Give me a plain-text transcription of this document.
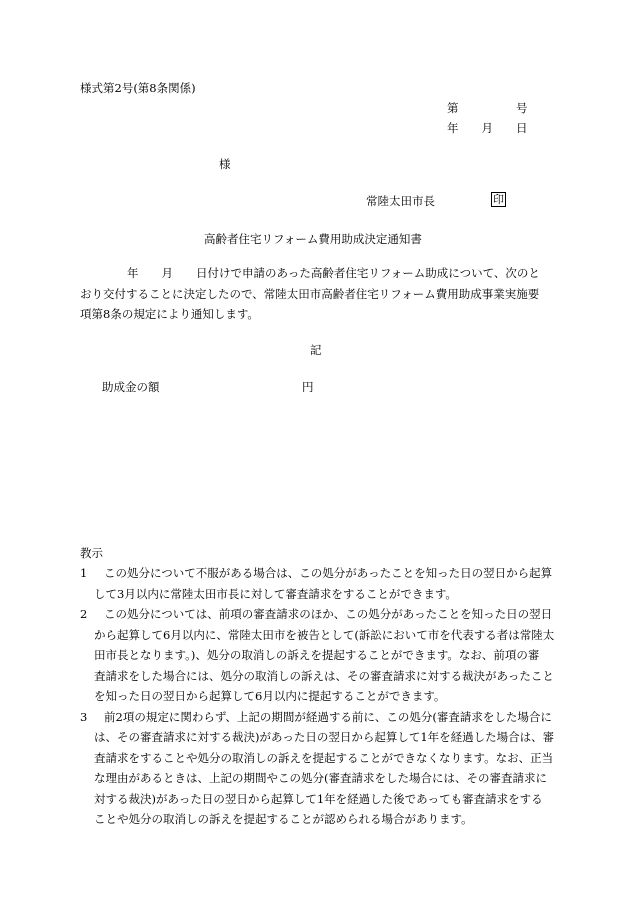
様式第2号(第8条関係)
第　　　　　号
年　　月　　日
様
常陸太田市長	印
高齢者住宅リフォーム費用助成決定通知書
年　　月　　日付けで申請のあった高齢者住宅リフォーム助成について、次のと
おり交付することに決定したので、常陸太田市高齢者住宅リフォーム費用助成事業実施要
項第8条の規定により通知します。
記
助成金の額	円
教示
1	この処分について不服がある場合は、この処分があったことを知った日の翌日から起算
して3月以内に常陸太田市長に対して審査請求をすることができます。
2	この処分については、前項の審査請求のほか、この処分があったことを知った日の翌日
から起算して6月以内に、常陸太田市を被告として(訴訟において市を代表する者は常陸太
田市長となります。)、処分の取消しの訴えを提起することができます。なお、前項の審
査請求をした場合には、処分の取消しの訴えは、その審査請求に対する裁決があったこと
を知った日の翌日から起算して6月以内に提起することができます。
3	前2項の規定に関わらず、上記の期間が経過する前に、この処分(審査請求をした場合に
は、その審査請求に対する裁決)があった日の翌日から起算して1年を経過した場合は、審
査請求をすることや処分の取消しの訴えを提起することができなくなります。なお、正当
な理由があるときは、上記の期間やこの処分(審査請求をした場合には、その審査請求に
対する裁決)があった日の翌日から起算して1年を経過した後であっても審査請求をする
ことや処分の取消しの訴えを提起することが認められる場合があります。
